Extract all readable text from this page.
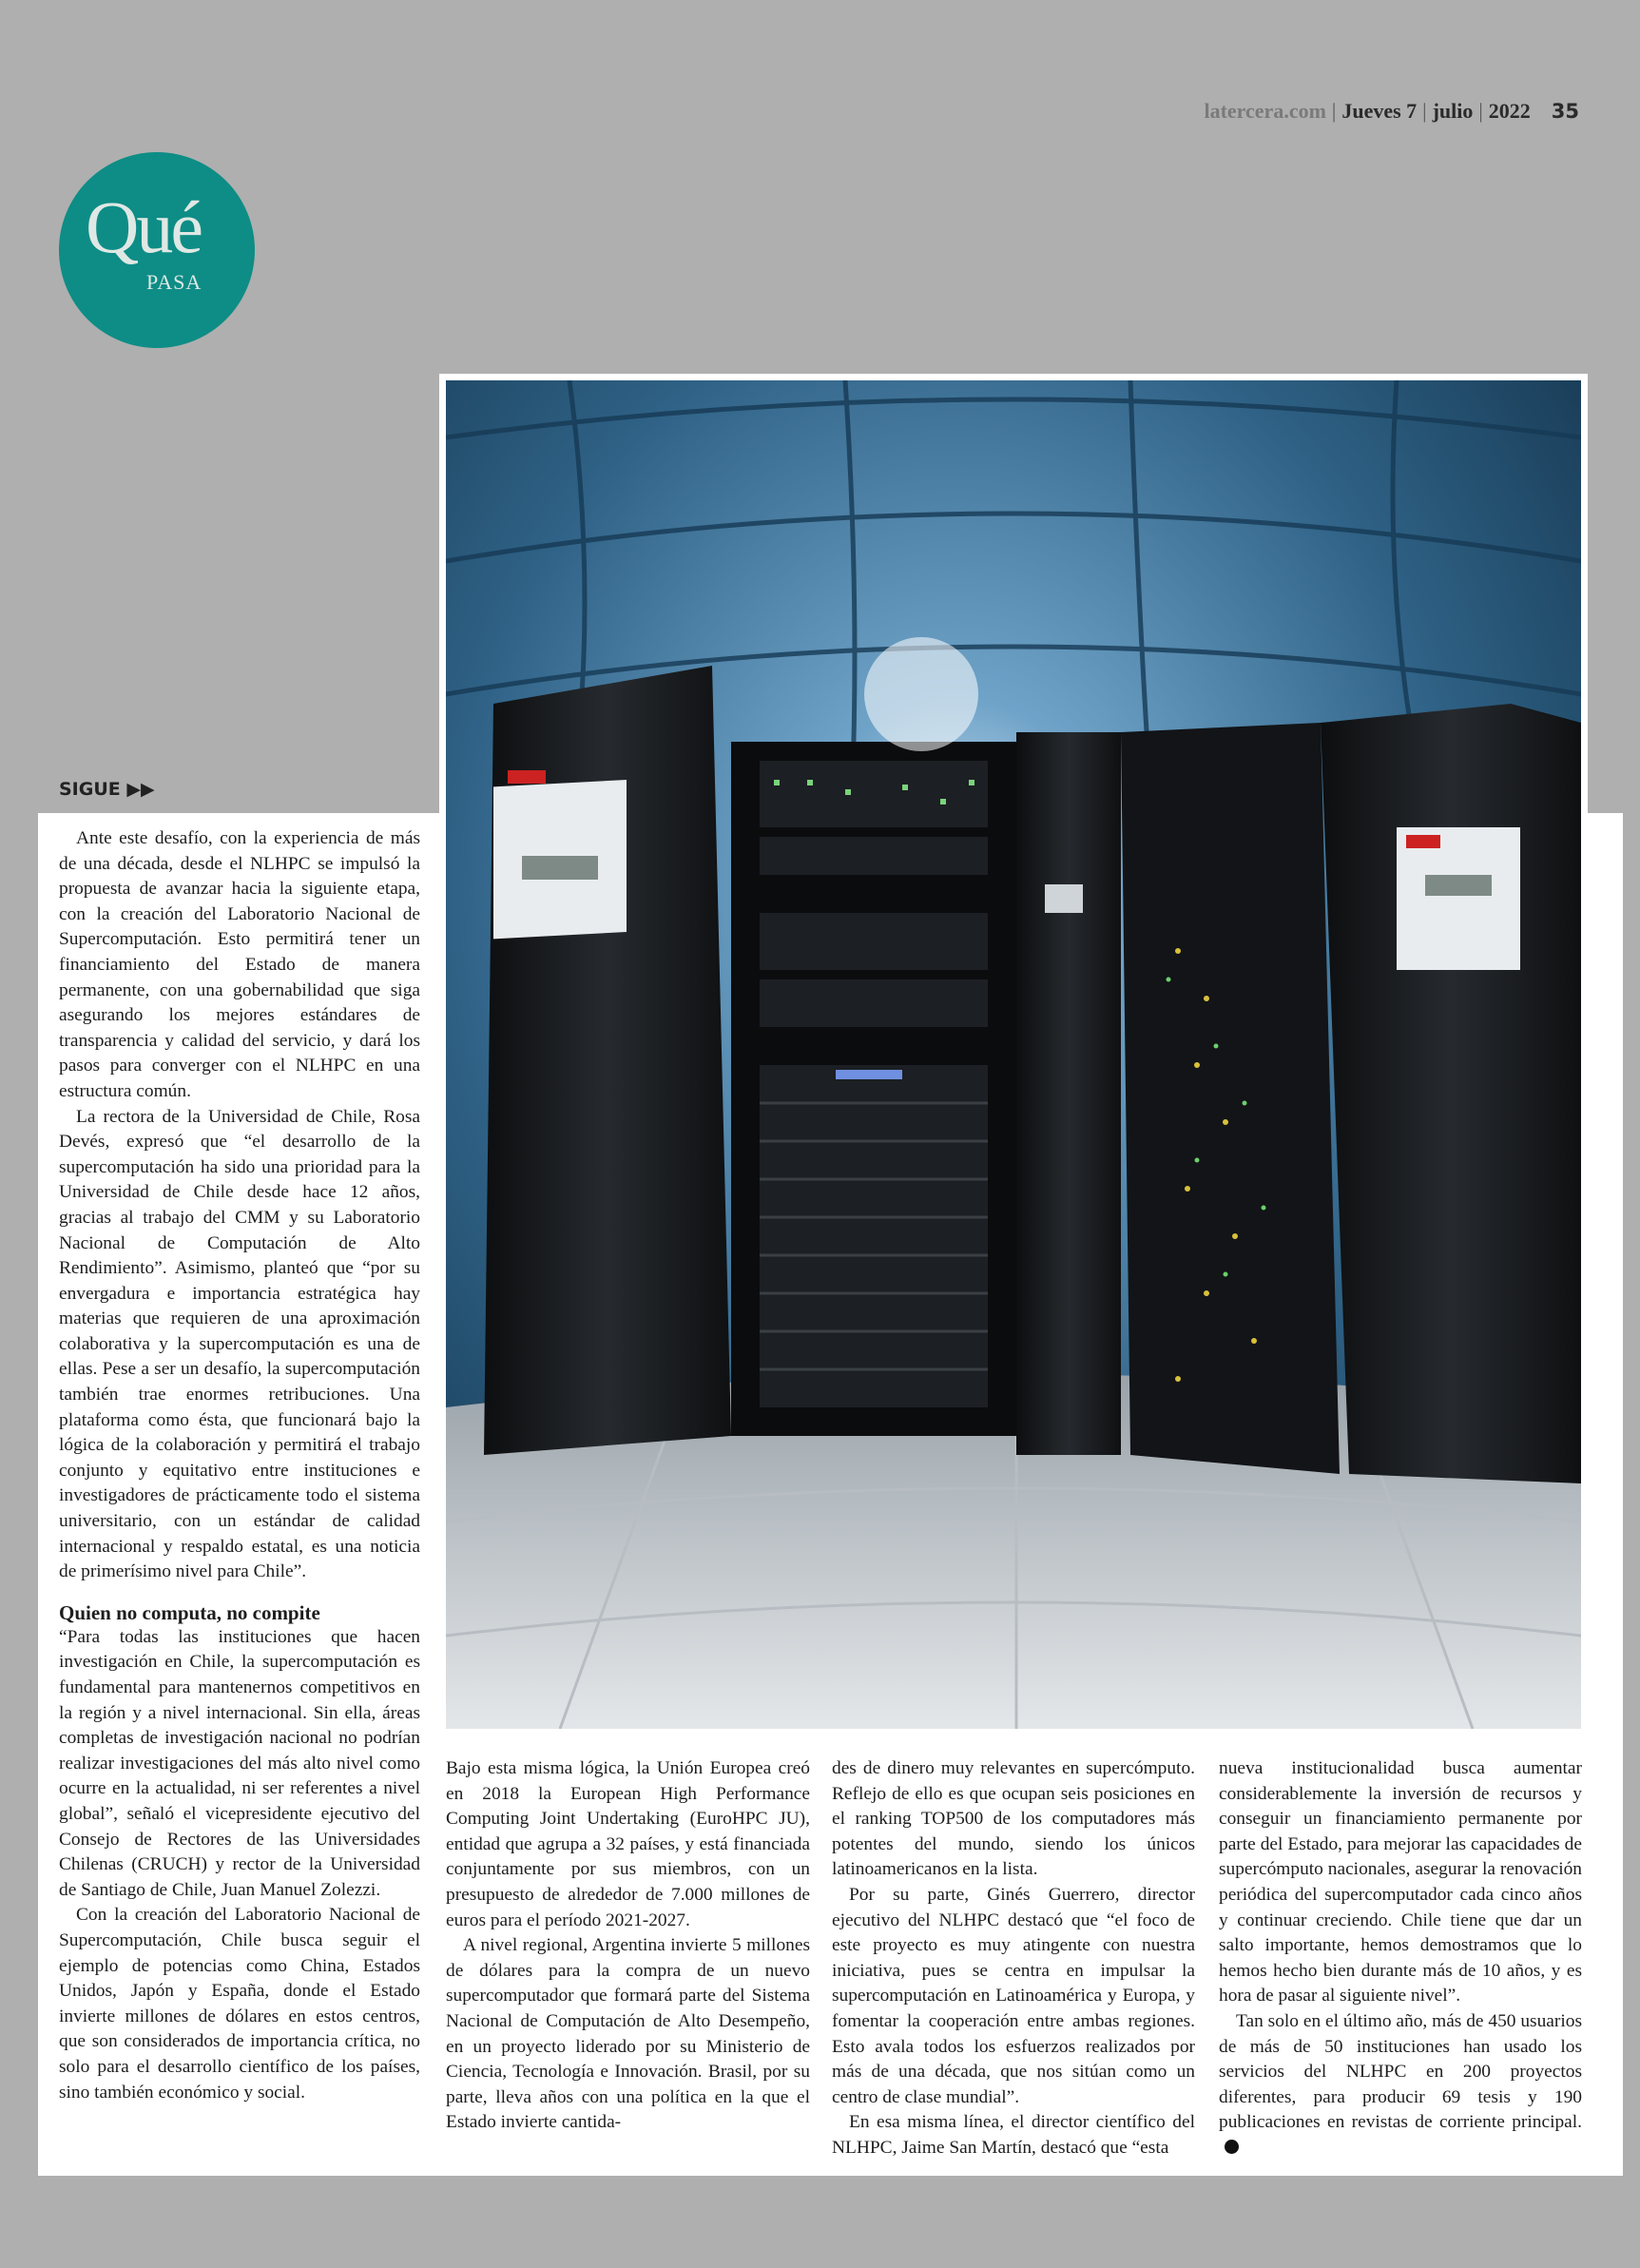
latercera.com | Jueves 7 | julio | 2022 35
Qué
PASA
SIGUE ▶▶

Ante este desafío, con la experiencia de más de una década, desde el NLHPC se impulsó la propuesta de avanzar hacia la siguiente etapa, con la creación del Laboratorio Nacional de Supercomputación. Esto permitirá tener un financiamiento del Estado de manera permanente, con una gobernabilidad que siga asegurando los mejores estándares de transparencia y calidad del servicio, y dará los pasos para converger con el NLHPC en una estructura común.

La rectora de la Universidad de Chile, Rosa Devés, expresó que “el desarrollo de la supercomputación ha sido una prioridad para la Universidad de Chile desde hace 12 años, gracias al trabajo del CMM y su Laboratorio Nacional de Computación de Alto Rendimiento”. Asimismo, planteó que “por su envergadura e importancia estratégica hay materias que requieren de una aproximación colaborativa y la supercomputación es una de ellas. Pese a ser un desafío, la supercomputación también trae enormes retribuciones. Una plataforma como ésta, que funcionará bajo la lógica de la colaboración y permitirá el trabajo conjunto y equitativo entre instituciones e investigadores de prácticamente todo el sistema universitario, con un estándar de calidad internacional y respaldo estatal, es una noticia de primerísimo nivel para Chile”.

Quien no computa, no compite

“Para todas las instituciones que hacen investigación en Chile, la supercomputación es fundamental para mantenernos competitivos en la región y a nivel internacional. Sin ella, áreas completas de investigación nacional no podrían realizar investigaciones del más alto nivel como ocurre en la actualidad, ni ser referentes a nivel global”, señaló el vicepresidente ejecutivo del Consejo de Rectores de las Universidades Chilenas (CRUCH) y rector de la Universidad de Santiago de Chile, Juan Manuel Zolezzi.

Con la creación del Laboratorio Nacional de Supercomputación, Chile busca seguir el ejemplo de potencias como China, Estados Unidos, Japón y España, donde el Estado invierte millones de dólares en estos centros, que son considerados de importancia crítica, no solo para el desarrollo científico de los países, sino también económico y social.

Bajo esta misma lógica, la Unión Europea creó en 2018 la European High Performance Computing Joint Undertaking (EuroHPC JU), entidad que agrupa a 32 países, y está financiada conjuntamente por sus miembros, con un presupuesto de alrededor de 7.000 millones de euros para el período 2021-2027.

A nivel regional, Argentina invierte 5 millones de dólares para la compra de un nuevo supercomputador que formará parte del Sistema Nacional de Computación de Alto Desempeño, en un proyecto liderado por su Ministerio de Ciencia, Tecnología e Innovación. Brasil, por su parte, lleva años con una política en la que el Estado invierte cantida-

des de dinero muy relevantes en supercómputo. Reflejo de ello es que ocupan seis posiciones en el ranking TOP500 de los computadores más potentes del mundo, siendo los únicos latinoamericanos en la lista.

Por su parte, Ginés Guerrero, director ejecutivo del NLHPC destacó que “el foco de este proyecto es muy atingente con nuestra iniciativa, pues se centra en impulsar la supercomputación en Latinoamérica y Europa, y fomentar la cooperación entre ambas regiones. Esto avala todos los esfuerzos realizados por más de una década, que nos sitúan como un centro de clase mundial”.

En esa misma línea, el director científico del NLHPC, Jaime San Martín, destacó que “esta

nueva institucionalidad busca aumentar considerablemente la inversión de recursos y conseguir un financiamiento permanente por parte del Estado, para mejorar las capacidades de supercómputo nacionales, asegurar la renovación periódica del supercomputador cada cinco años y continuar creciendo. Chile tiene que dar un salto importante, hemos demostramos que lo hemos hecho bien durante más de 10 años, y es hora de pasar al siguiente nivel”.

Tan solo en el último año, más de 450 usuarios de más de 50 instituciones han usado los servicios del NLHPC en 200 proyectos diferentes, para producir 69 tesis y 190 publicaciones en revistas de corriente principal.
